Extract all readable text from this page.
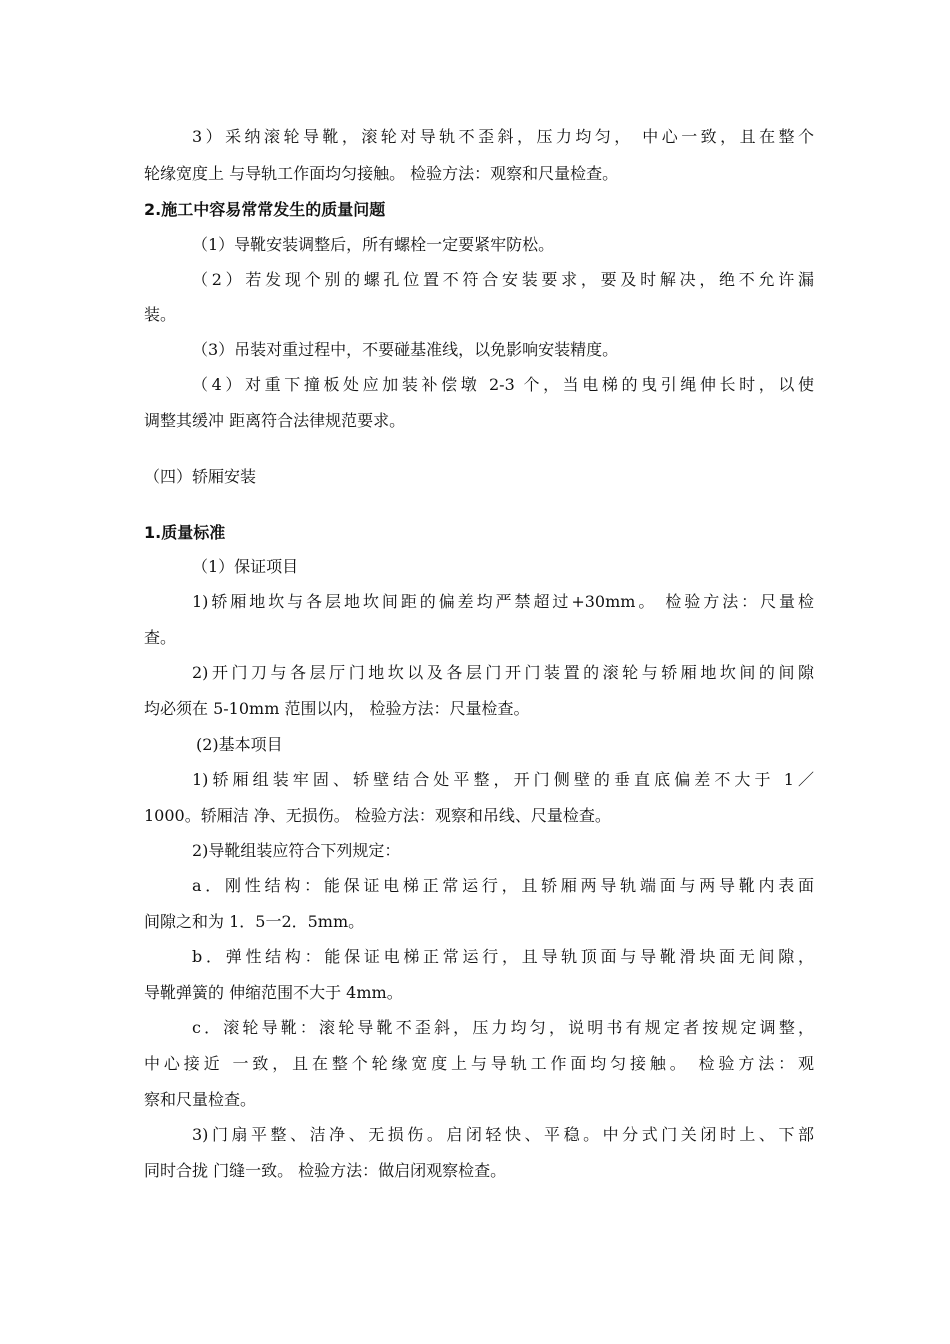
3）采纳滚轮导靴，滚轮对导轨不歪斜，压力均匀， 中心一致，且在整个
轮缘宽度上 与导轨工作面均匀接触。 检验方法：观察和尺量检查。
2.施工中容易常常发生的质量问题
（1）导靴安装调整后，所有螺栓一定要紧牢防松。
（2）若发现个别的螺孔位置不符合安装要求，要及时解决，绝不允许漏
装。
（3）吊装对重过程中，不要碰基准线，以免影响安装精度。
（4）对重下撞板处应加装补偿墩 2-3 个，当电梯的曳引绳伸长时，以使
调整其缓冲 距离符合法律规范要求。
（四）轿厢安装
1.质量标准
（1）保证项目
1)轿厢地坎与各层地坎间距的偏差均严禁超过+30mm。 检验方法：尺量检
查。
2)开门刀与各层厅门地坎以及各层门开门装置的滚轮与轿厢地坎间的间隙
均必须在 5-10mm 范围以内， 检验方法：尺量检查。
(2)基本项目
1)轿厢组装牢固、轿壁结合处平整，开门侧壁的垂直底偏差不大于 1／
1000。轿厢洁 净、无损伤。 检验方法：观察和吊线、尺量检查。
2)导靴组装应符合下列规定：
a．刚性结构：能保证电梯正常运行，且轿厢两导轨端面与两导靴内表面
间隙之和为 1．5一2．5mm。
b．弹性结构：能保证电梯正常运行，且导轨顶面与导靴滑块面无间隙，
导靴弹簧的 伸缩范围不大于 4mm。
c．滚轮导靴：滚轮导靴不歪斜，压力均匀，说明书有规定者按规定调整，
中心接近 一致，且在整个轮缘宽度上与导轨工作面均匀接触。 检验方法：观
察和尺量检查。
3)门扇平整、洁净、无损伤。启闭轻快、平稳。中分式门关闭时上、下部
同时合拢 门缝一致。 检验方法：做启闭观察检查。
